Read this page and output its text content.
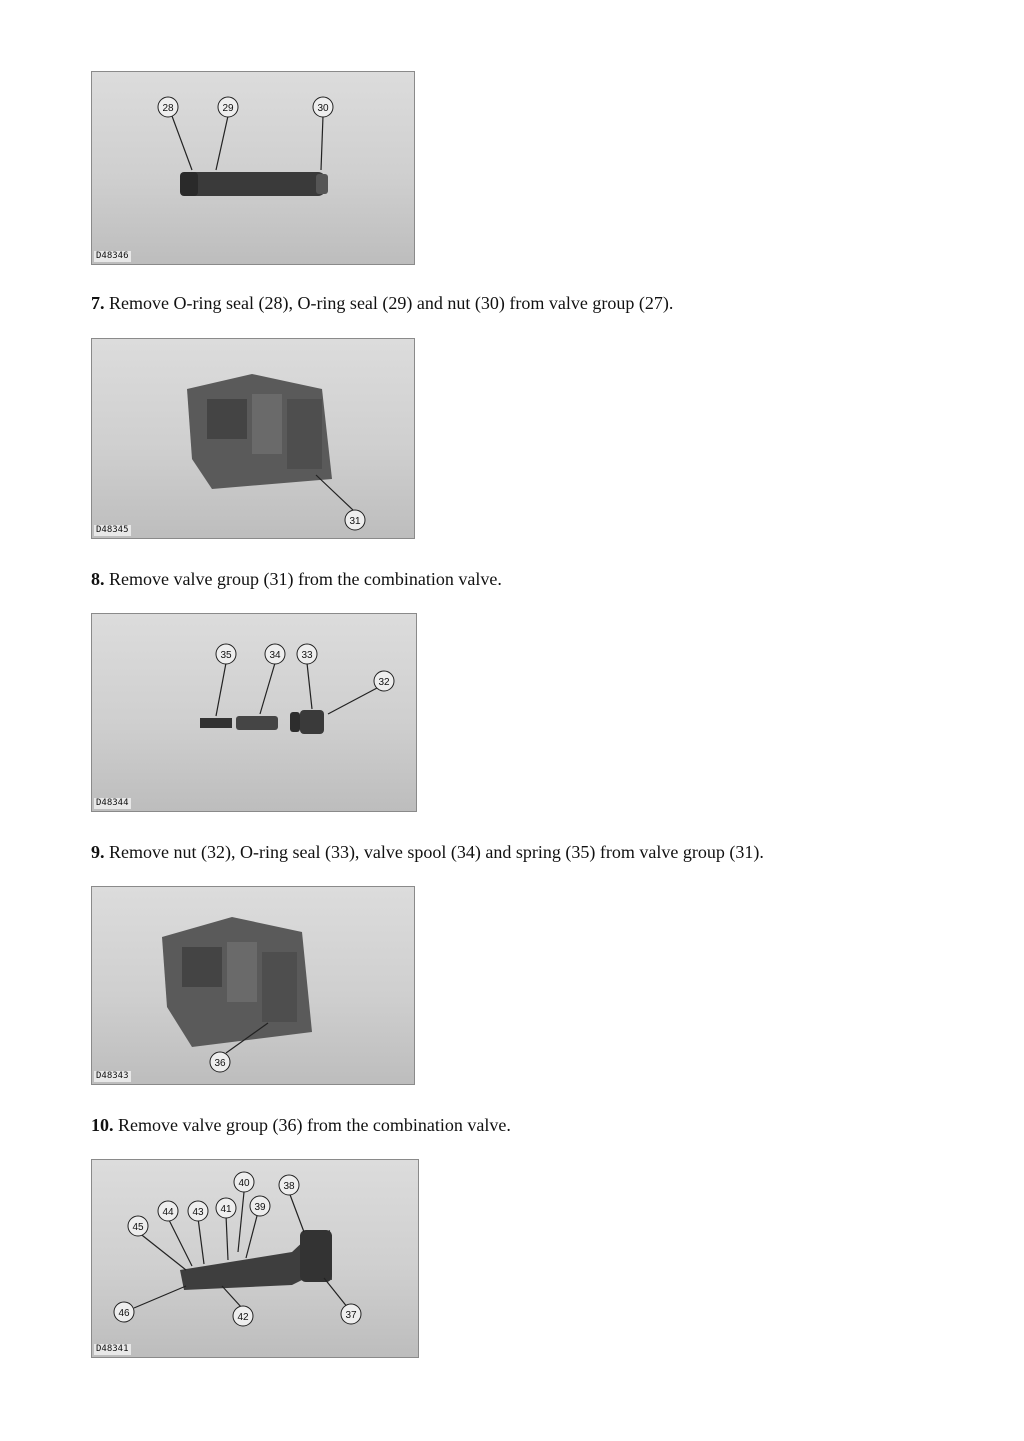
28	29	30
D48346

7. Remove O-ring seal (28), O-ring seal (29) and nut (30) from valve group (27).

31
D48345

8. Remove valve group (31) from the combination valve.

35	34 33
32
D48344

9. Remove nut (32), O-ring seal (33), valve spool (34) and spring (35) from valve group (31).

36
D48343

10. Remove valve group (36) from the combination valve.

40	38
44 43 41 39
45
46	42	37
D48341
